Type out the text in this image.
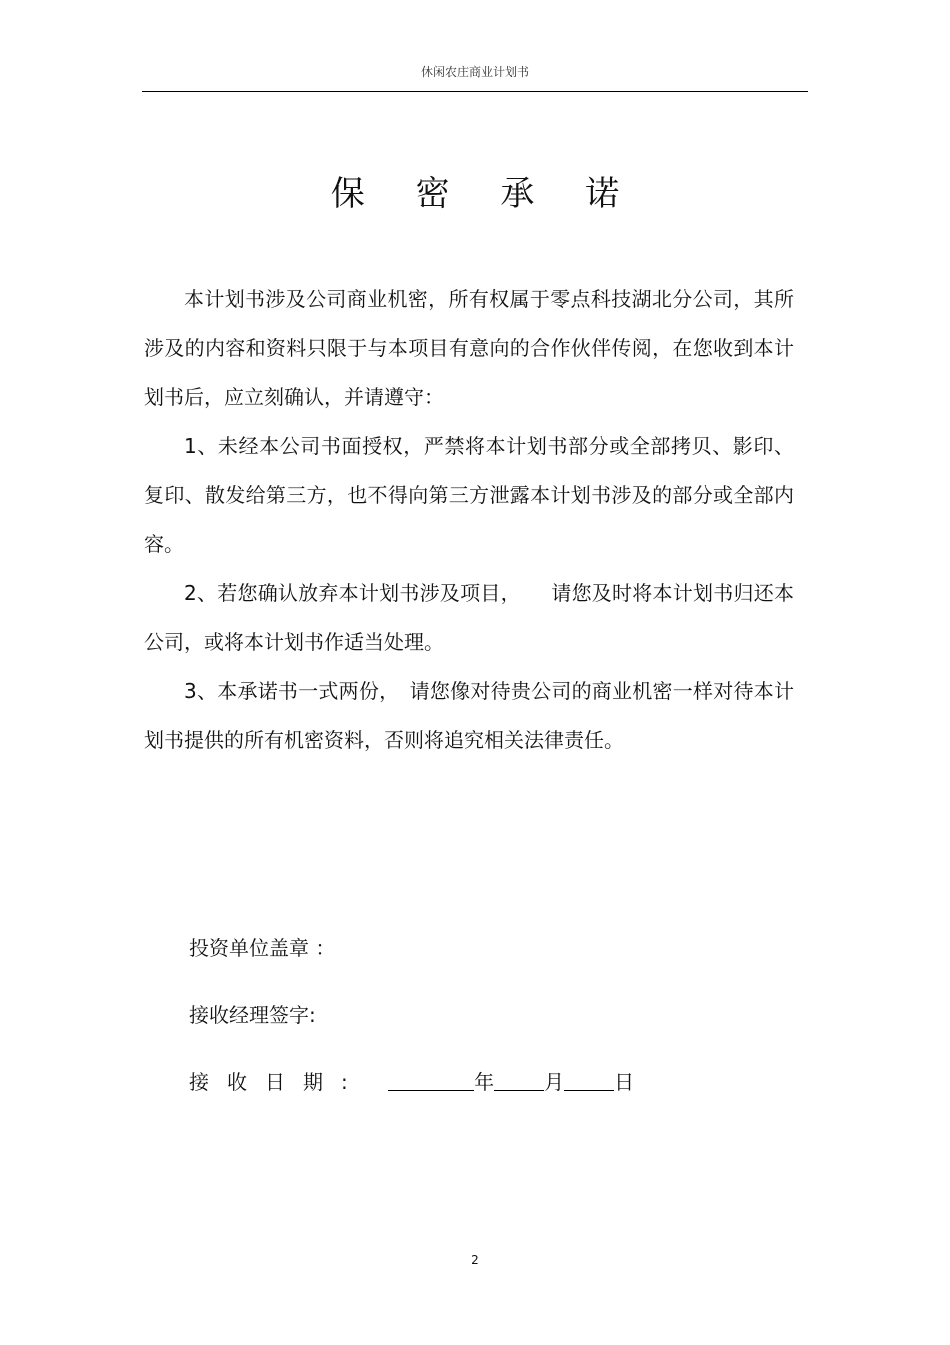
休闲农庄商业计划书
保 密 承 诺

本计划书涉及公司商业机密，所有权属于零点科技湖北分公司，其所涉及的内容和资料只限于与本项目有意向的合作伙伴传阅，在您收到本计划书后，应立刻确认，并请遵守：

1、未经本公司书面授权，严禁将本计划书部分或全部拷贝、影印、复印、散发给第三方，也不得向第三方泄露本计划书涉及的部分或全部内容。

2、若您确认放弃本计划书涉及项目，　　请您及时将本计划书归还本公司，或将本计划书作适当处理。

3、本承诺书一式两份，　请您像对待贵公司的商业机密一样对待本计划书提供的所有机密资料，否则将追究相关法律责任。

投资单位盖章 ：
接收经理签字:
接收日期:	年	月	日
2
